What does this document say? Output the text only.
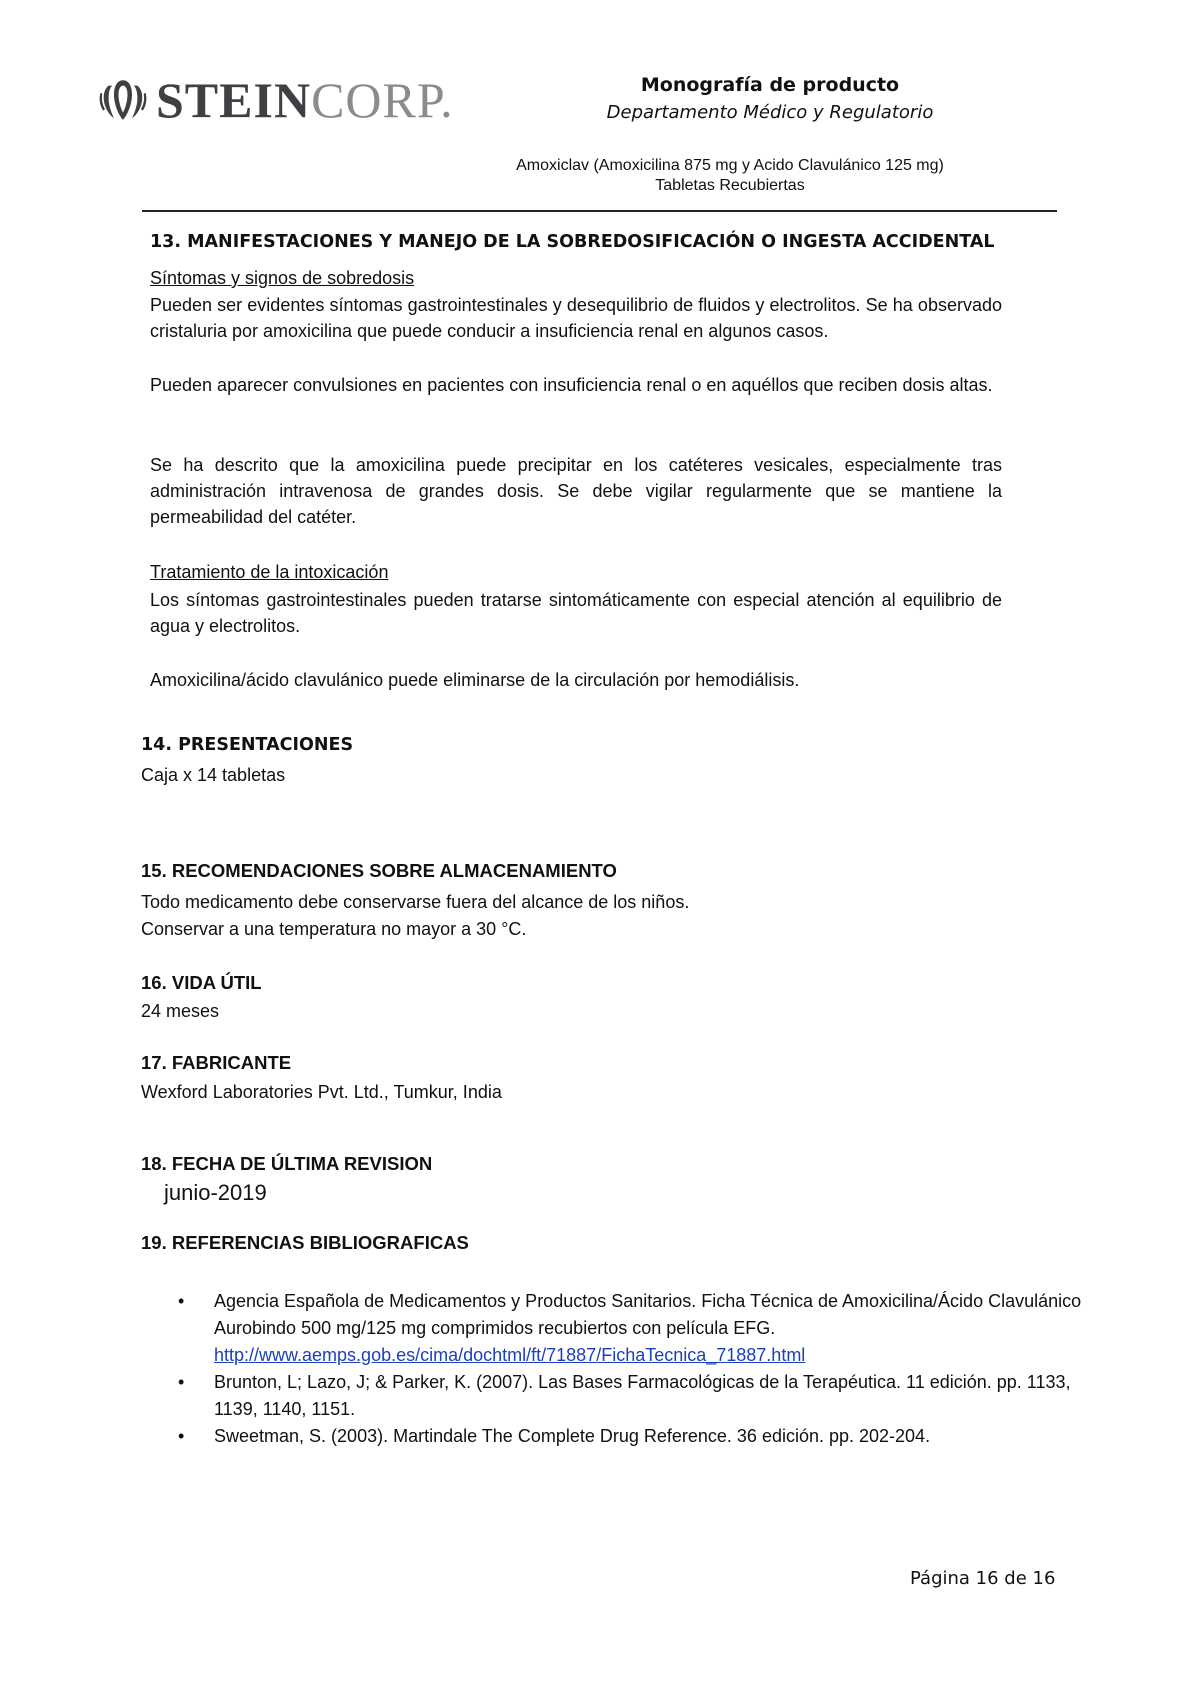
STEINCORP.	Monografía de producto
Departamento Médico y Regulatorio
Amoxiclav (Amoxicilina 875 mg y Acido Clavulánico 125 mg)
Tabletas Recubiertas
13. MANIFESTACIONES Y MANEJO DE LA SOBREDOSIFICACIÓN O INGESTA ACCIDENTAL
Síntomas y signos de sobredosis
Pueden ser evidentes síntomas gastrointestinales y desequilibrio de fluidos y electrolitos. Se ha observado cristaluria por amoxicilina que puede conducir a insuficiencia renal en algunos casos.
Pueden aparecer convulsiones en pacientes con insuficiencia renal o en aquéllos que reciben dosis altas.
Se ha descrito que la amoxicilina puede precipitar en los catéteres vesicales, especialmente tras administración intravenosa de grandes dosis. Se debe vigilar regularmente que se mantiene la permeabilidad del catéter.
Tratamiento de la intoxicación
Los síntomas gastrointestinales pueden tratarse sintomáticamente con especial atención al equilibrio de agua y electrolitos.
Amoxicilina/ácido clavulánico puede eliminarse de la circulación por hemodiálisis.
14. PRESENTACIONES
Caja x 14 tabletas
15. RECOMENDACIONES SOBRE ALMACENAMIENTO
Todo medicamento debe conservarse fuera del alcance de los niños.
Conservar a una temperatura no mayor a 30 °C.
16. VIDA ÚTIL
24 meses
17. FABRICANTE
Wexford Laboratories Pvt. Ltd., Tumkur, India
18. FECHA DE ÚLTIMA REVISION
junio-2019
19. REFERENCIAS BIBLIOGRAFICAS
• Agencia Española de Medicamentos y Productos Sanitarios. Ficha Técnica de Amoxicilina/Ácido Clavulánico Aurobindo 500 mg/125 mg comprimidos recubiertos con película EFG.
http://www.aemps.gob.es/cima/dochtml/ft/71887/FichaTecnica_71887.html
• Brunton, L; Lazo, J; & Parker, K. (2007). Las Bases Farmacológicas de la Terapéutica. 11 edición. pp. 1133, 1139, 1140, 1151.
• Sweetman, S. (2003). Martindale The Complete Drug Reference. 36 edición. pp. 202-204.
Página 16 de 16
